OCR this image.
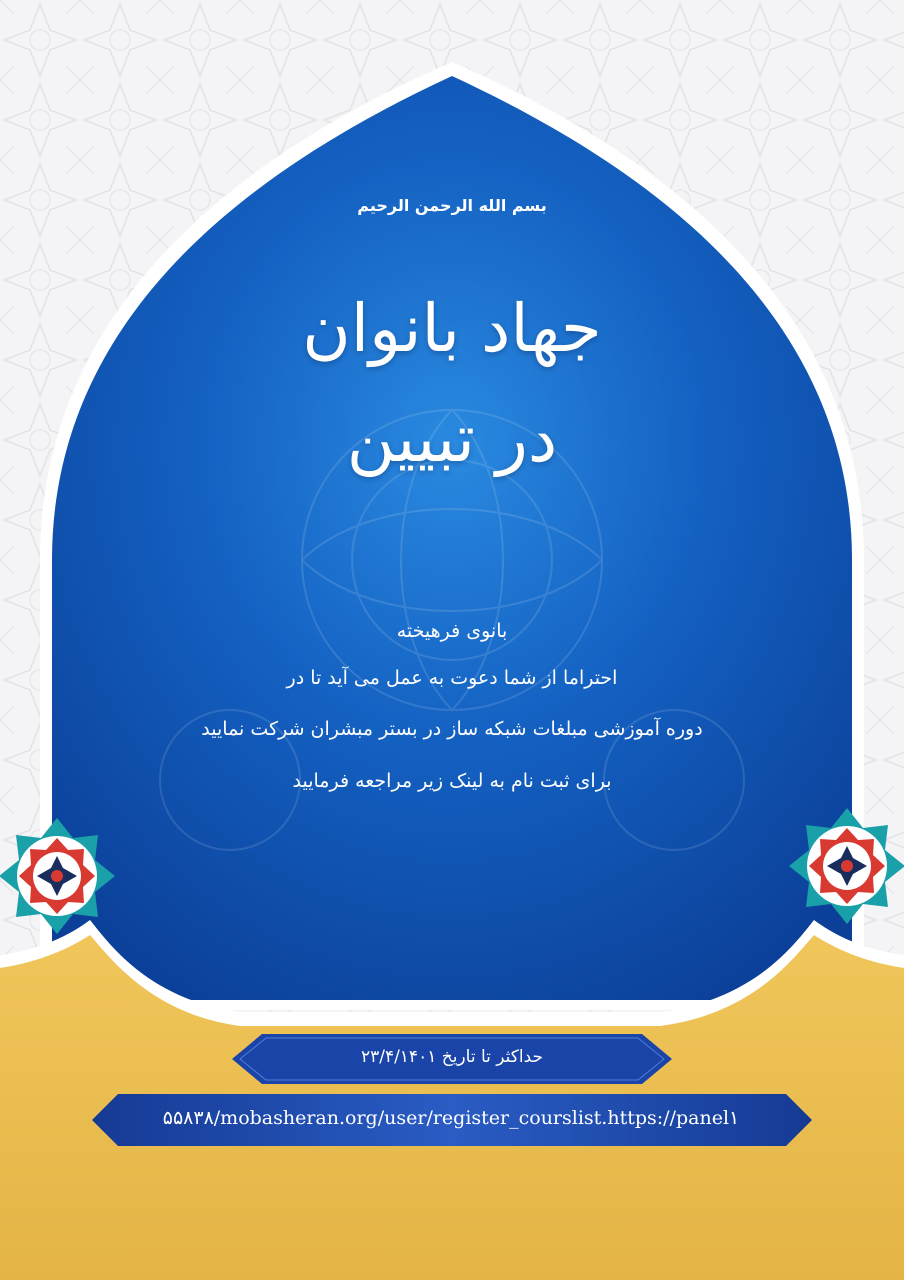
بسم الله الرحمن الرحیم
جهاد بانوان
در تبیین
بانوی فرهیخته
احتراما از شما دعوت به عمل می آید تا در
دوره آموزشی مبلغات شبکه ساز در بستر مبشران شرکت نمایید
برای ثبت نام به لینک زیر مراجعه فرمایید
حداکثر تا تاریخ ۲۳/۴/۱۴۰۱
۵۵۸۳۸/mobasheran.org/user/register_courslist.https://panel۱
